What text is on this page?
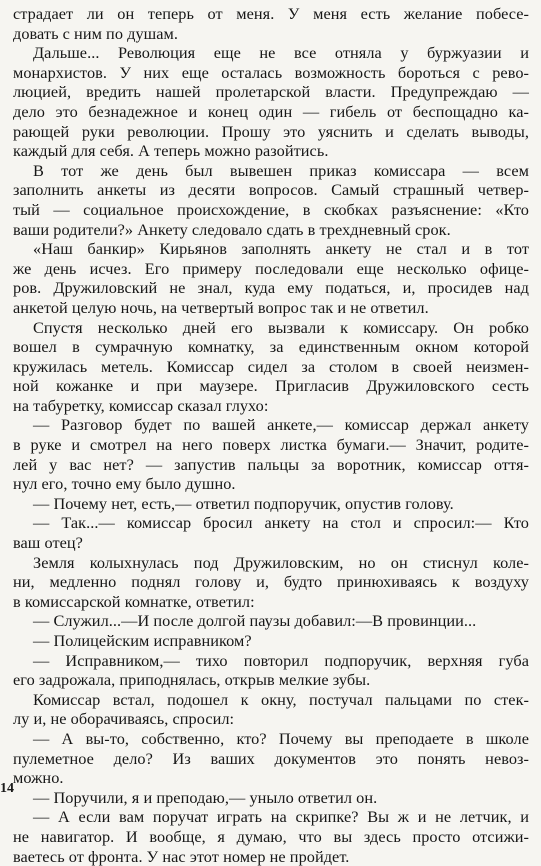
страдает ли он теперь от меня. У меня есть желание побесе-
довать с ним по душам.
Дальше... Революция еще не все отняла у буржуазии и
монархистов. У них еще осталась возможность бороться с рево-
люцией, вредить нашей пролетарской власти. Предупреждаю —
дело это безнадежное и конец один — гибель от беспощадно ка-
рающей руки революции. Прошу это уяснить и сделать выводы,
каждый для себя. А теперь можно разойтись.
В тот же день был вывешен приказ комиссара — всем
заполнить анкеты из десяти вопросов. Самый страшный четвер-
тый — социальное происхождение, в скобках разъяснение: «Кто
ваши родители?» Анкету следовало сдать в трехдневный срок.
«Наш банкир» Кирьянов заполнять анкету не стал и в тот
же день исчез. Его примеру последовали еще несколько офице-
ров. Дружиловский не знал, куда ему податься, и, просидев над
анкетой целую ночь, на четвертый вопрос так и не ответил.
Спустя несколько дней его вызвали к комиссару. Он робко
вошел в сумрачную комнатку, за единственным окном которой
кружилась метель. Комиссар сидел за столом в своей неизмен-
ной кожанке и при маузере. Пригласив Дружиловского сесть
на табуретку, комиссар сказал глухо:
— Разговор будет по вашей анкете,— комиссар держал анкету
в руке и смотрел на него поверх листка бумаги.— Значит, родите-
лей у вас нет? — запустив пальцы за воротник, комиссар оття-
нул его, точно ему было душно.
— Почему нет, есть,— ответил подпоручик, опустив голову.
— Так...— комиссар бросил анкету на стол и спросил:— Кто
ваш отец?
Земля колыхнулась под Дружиловским, но он стиснул коле-
ни, медленно поднял голову и, будто принюхиваясь к воздуху
в комиссарской комнатке, ответил:
— Служил...—И после долгой паузы добавил:—В провинции...
— Полицейским исправником?
— Исправником,— тихо повторил подпоручик, верхняя губа
его задрожала, приподнялась, открыв мелкие зубы.
Комиссар встал, подошел к окну, постучал пальцами по стек-
лу и, не оборачиваясь, спросил:
— А вы-то, собственно, кто? Почему вы преподаете в школе
пулеметное дело? Из ваших документов это понять невоз-
можно.
— Поручили, я и преподаю,— уныло ответил он.
— А если вам поручат играть на скрипке? Вы ж и не летчик, и
не навигатор. И вообще, я думаю, что вы здесь просто отсижи-
ваетесь от фронта. У нас этот номер не пройдет.
14
